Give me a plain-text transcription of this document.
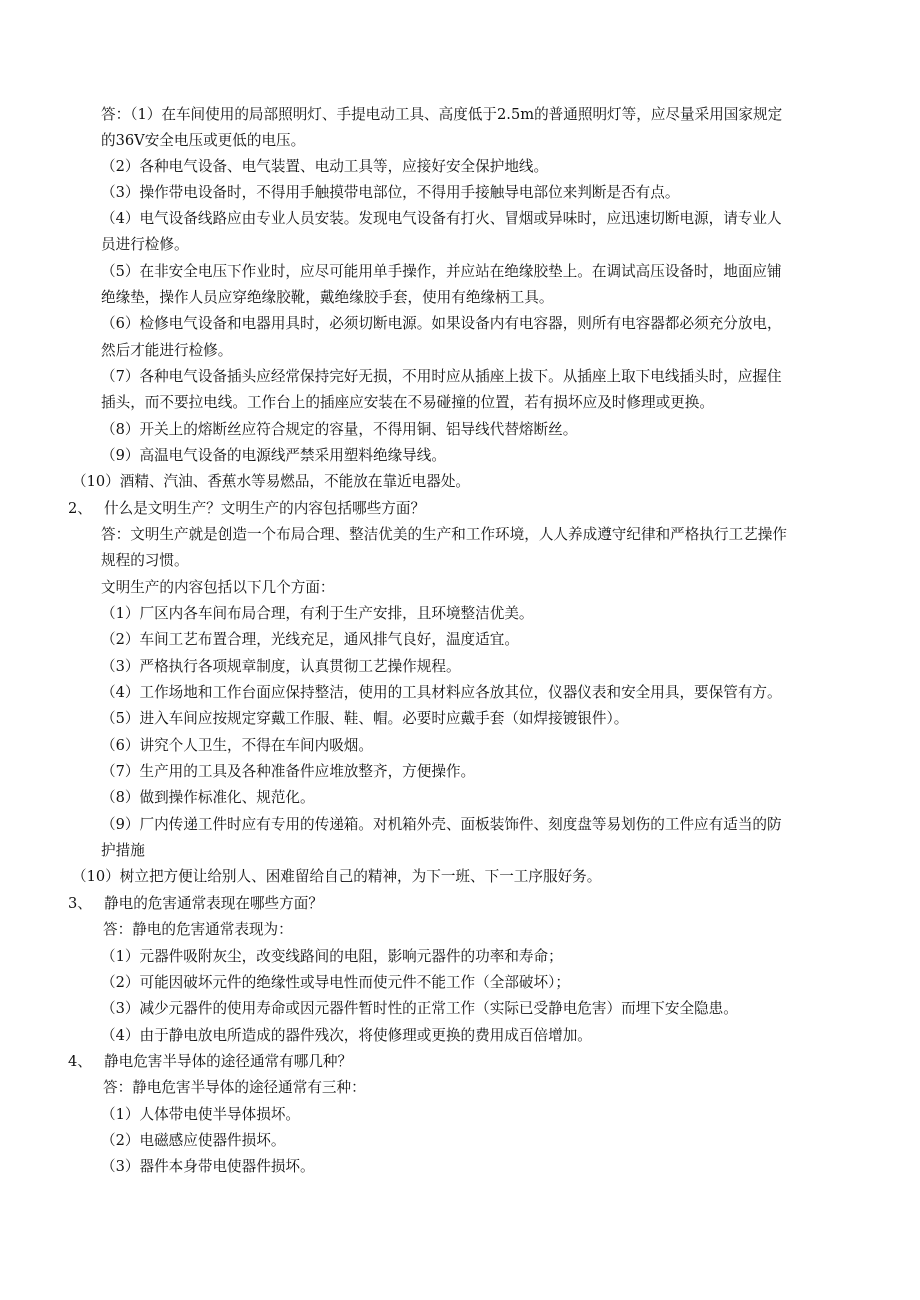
答：（1）在车间使用的局部照明灯、手提电动工具、高度低于2.5m的普通照明灯等，应尽量采用国家规定
的36V安全电压或更低的电压。
（2）各种电气设备、电气装置、电动工具等，应接好安全保护地线。
（3）操作带电设备时，不得用手触摸带电部位，不得用手接触导电部位来判断是否有点。
（4）电气设备线路应由专业人员安装。发现电气设备有打火、冒烟或异味时，应迅速切断电源，请专业人
员进行检修。
（5）在非安全电压下作业时，应尽可能用单手操作，并应站在绝缘胶垫上。在调试高压设备时，地面应铺
绝缘垫，操作人员应穿绝缘胶靴，戴绝缘胶手套，使用有绝缘柄工具。
（6）检修电气设备和电器用具时，必须切断电源。如果设备内有电容器，则所有电容器都必须充分放电，
然后才能进行检修。
（7）各种电气设备插头应经常保持完好无损，不用时应从插座上拔下。从插座上取下电线插头时，应握住
插头，而不要拉电线。工作台上的插座应安装在不易碰撞的位置，若有损坏应及时修理或更换。
（8）开关上的熔断丝应符合规定的容量，不得用铜、铝导线代替熔断丝。
（9）高温电气设备的电源线严禁采用塑料绝缘导线。
（10）酒精、汽油、香蕉水等易燃品，不能放在靠近电器处。
2、 什么是文明生产？文明生产的内容包括哪些方面？
答：文明生产就是创造一个布局合理、整洁优美的生产和工作环境，人人养成遵守纪律和严格执行工艺操作
规程的习惯。
文明生产的内容包括以下几个方面：
（1）厂区内各车间布局合理，有利于生产安排，且环境整洁优美。
（2）车间工艺布置合理，光线充足，通风排气良好，温度适宜。
（3）严格执行各项规章制度，认真贯彻工艺操作规程。
（4）工作场地和工作台面应保持整洁，使用的工具材料应各放其位，仪器仪表和安全用具，要保管有方。
（5）进入车间应按规定穿戴工作服、鞋、帽。必要时应戴手套（如焊接镀银件）。
（6）讲究个人卫生，不得在车间内吸烟。
（7）生产用的工具及各种准备件应堆放整齐，方便操作。
（8）做到操作标准化、规范化。
（9）厂内传递工件时应有专用的传递箱。对机箱外壳、面板装饰件、刻度盘等易划伤的工件应有适当的防
护措施
（10）树立把方便让给别人、困难留给自己的精神，为下一班、下一工序服好务。
3、 静电的危害通常表现在哪些方面？
答：静电的危害通常表现为：
（1）元器件吸附灰尘，改变线路间的电阻，影响元器件的功率和寿命；
（2）可能因破坏元件的绝缘性或导电性而使元件不能工作（全部破坏）；
（3）减少元器件的使用寿命或因元器件暂时性的正常工作（实际已受静电危害）而埋下安全隐患。
（4）由于静电放电所造成的器件残次，将使修理或更换的费用成百倍增加。
4、 静电危害半导体的途径通常有哪几种？
答：静电危害半导体的途径通常有三种：
（1）人体带电使半导体损坏。
（2）电磁感应使器件损坏。
（3）器件本身带电使器件损坏。
